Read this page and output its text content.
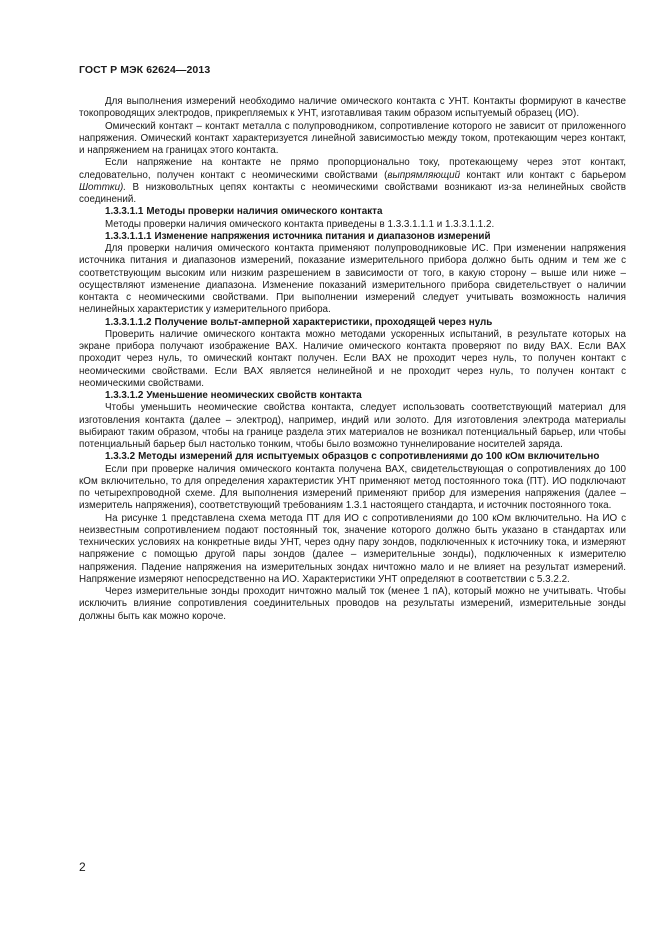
ГОСТ Р МЭК 62624—2013

Для выполнения измерений необходимо наличие омического контакта с УНТ. Контакты формируют в качестве токопроводящих электродов, прикрепляемых к УНТ, изготавливая таким образом испытуемый образец (ИО).

Омический контакт – контакт металла с полупроводником, сопротивление которого не зависит от приложенного напряжения. Омический контакт характеризуется линейной зависимостью между током, протекающим через контакт, и напряжением на границах этого контакта.

Если напряжение на контакте не прямо пропорционально току, протекающему через этот контакт, следовательно, получен контакт с неомическими свойствами (выпрямляющий контакт или контакт с барьером Шоттки). В низковольтных цепях контакты с неомическими свойствами возникают из-за нелинейных свойств соединений.

1.3.3.1.1 Методы проверки наличия омического контакта

Методы проверки наличия омического контакта приведены в 1.3.3.1.1.1 и 1.3.3.1.1.2.

1.3.3.1.1.1 Изменение напряжения источника питания и диапазонов измерений

Для проверки наличия омического контакта применяют полупроводниковые ИС. При изменении напряжения источника питания и диапазонов измерений, показание измерительного прибора должно быть одним и тем же с соответствующим высоким или низким разрешением в зависимости от того, в какую сторону – выше или ниже – осуществляют изменение диапазона. Изменение показаний измерительного прибора свидетельствует о наличии контакта с неомическими свойствами. При выполнении измерений следует учитывать возможность наличия нелинейных характеристик у измерительного прибора.

1.3.3.1.1.2 Получение вольт-амперной характеристики, проходящей через нуль

Проверить наличие омического контакта можно методами ускоренных испытаний, в результате которых на экране прибора получают изображение ВАХ. Наличие омического контакта проверяют по виду ВАХ. Если ВАХ проходит через нуль, то омический контакт получен. Если ВАХ не проходит через нуль, то получен контакт с неомическими свойствами. Если ВАХ является нелинейной и не проходит через нуль, то получен контакт с неомическими свойствами.

1.3.3.1.2 Уменьшение неомических свойств контакта

Чтобы уменьшить неомические свойства контакта, следует использовать соответствующий материал для изготовления контакта (далее – электрод), например, индий или золото. Для изготовления электрода материалы выбирают таким образом, чтобы на границе раздела этих материалов не возникал потенциальный барьер, или чтобы потенциальный барьер был настолько тонким, чтобы было возможно туннелирование носителей заряда.

1.3.3.2 Методы измерений для испытуемых образцов с сопротивлениями до 100 кОм включительно

Если при проверке наличия омического контакта получена ВАХ, свидетельствующая о сопротивлениях до 100 кОм включительно, то для определения характеристик УНТ применяют метод постоянного тока (ПТ). ИО подключают по четырехпроводной схеме. Для выполнения измерений применяют прибор для измерения напряжения (далее – измеритель напряжения), соответствующий требованиям 1.3.1 настоящего стандарта, и источник постоянного тока.

На рисунке 1 представлена схема метода ПТ для ИО с сопротивлениями до 100 кОм включительно. На ИО с неизвестным сопротивлением подают постоянный ток, значение которого должно быть указано в стандартах или технических условиях на конкретные виды УНТ, через одну пару зондов, подключенных к источнику тока, и измеряют напряжение с помощью другой пары зондов (далее – измерительные зонды), подключенных к измерителю напряжения. Падение напряжения на измерительных зондах ничтожно мало и не влияет на результат измерений. Напряжение измеряют непосредственно на ИО. Характеристики УНТ определяют в соответствии с 5.3.2.2.

Через измерительные зонды проходит ничтожно малый ток (менее 1 пА), который можно не учитывать. Чтобы исключить влияние сопротивления соединительных проводов на результаты измерений, измерительные зонды должны быть как можно короче.

2
